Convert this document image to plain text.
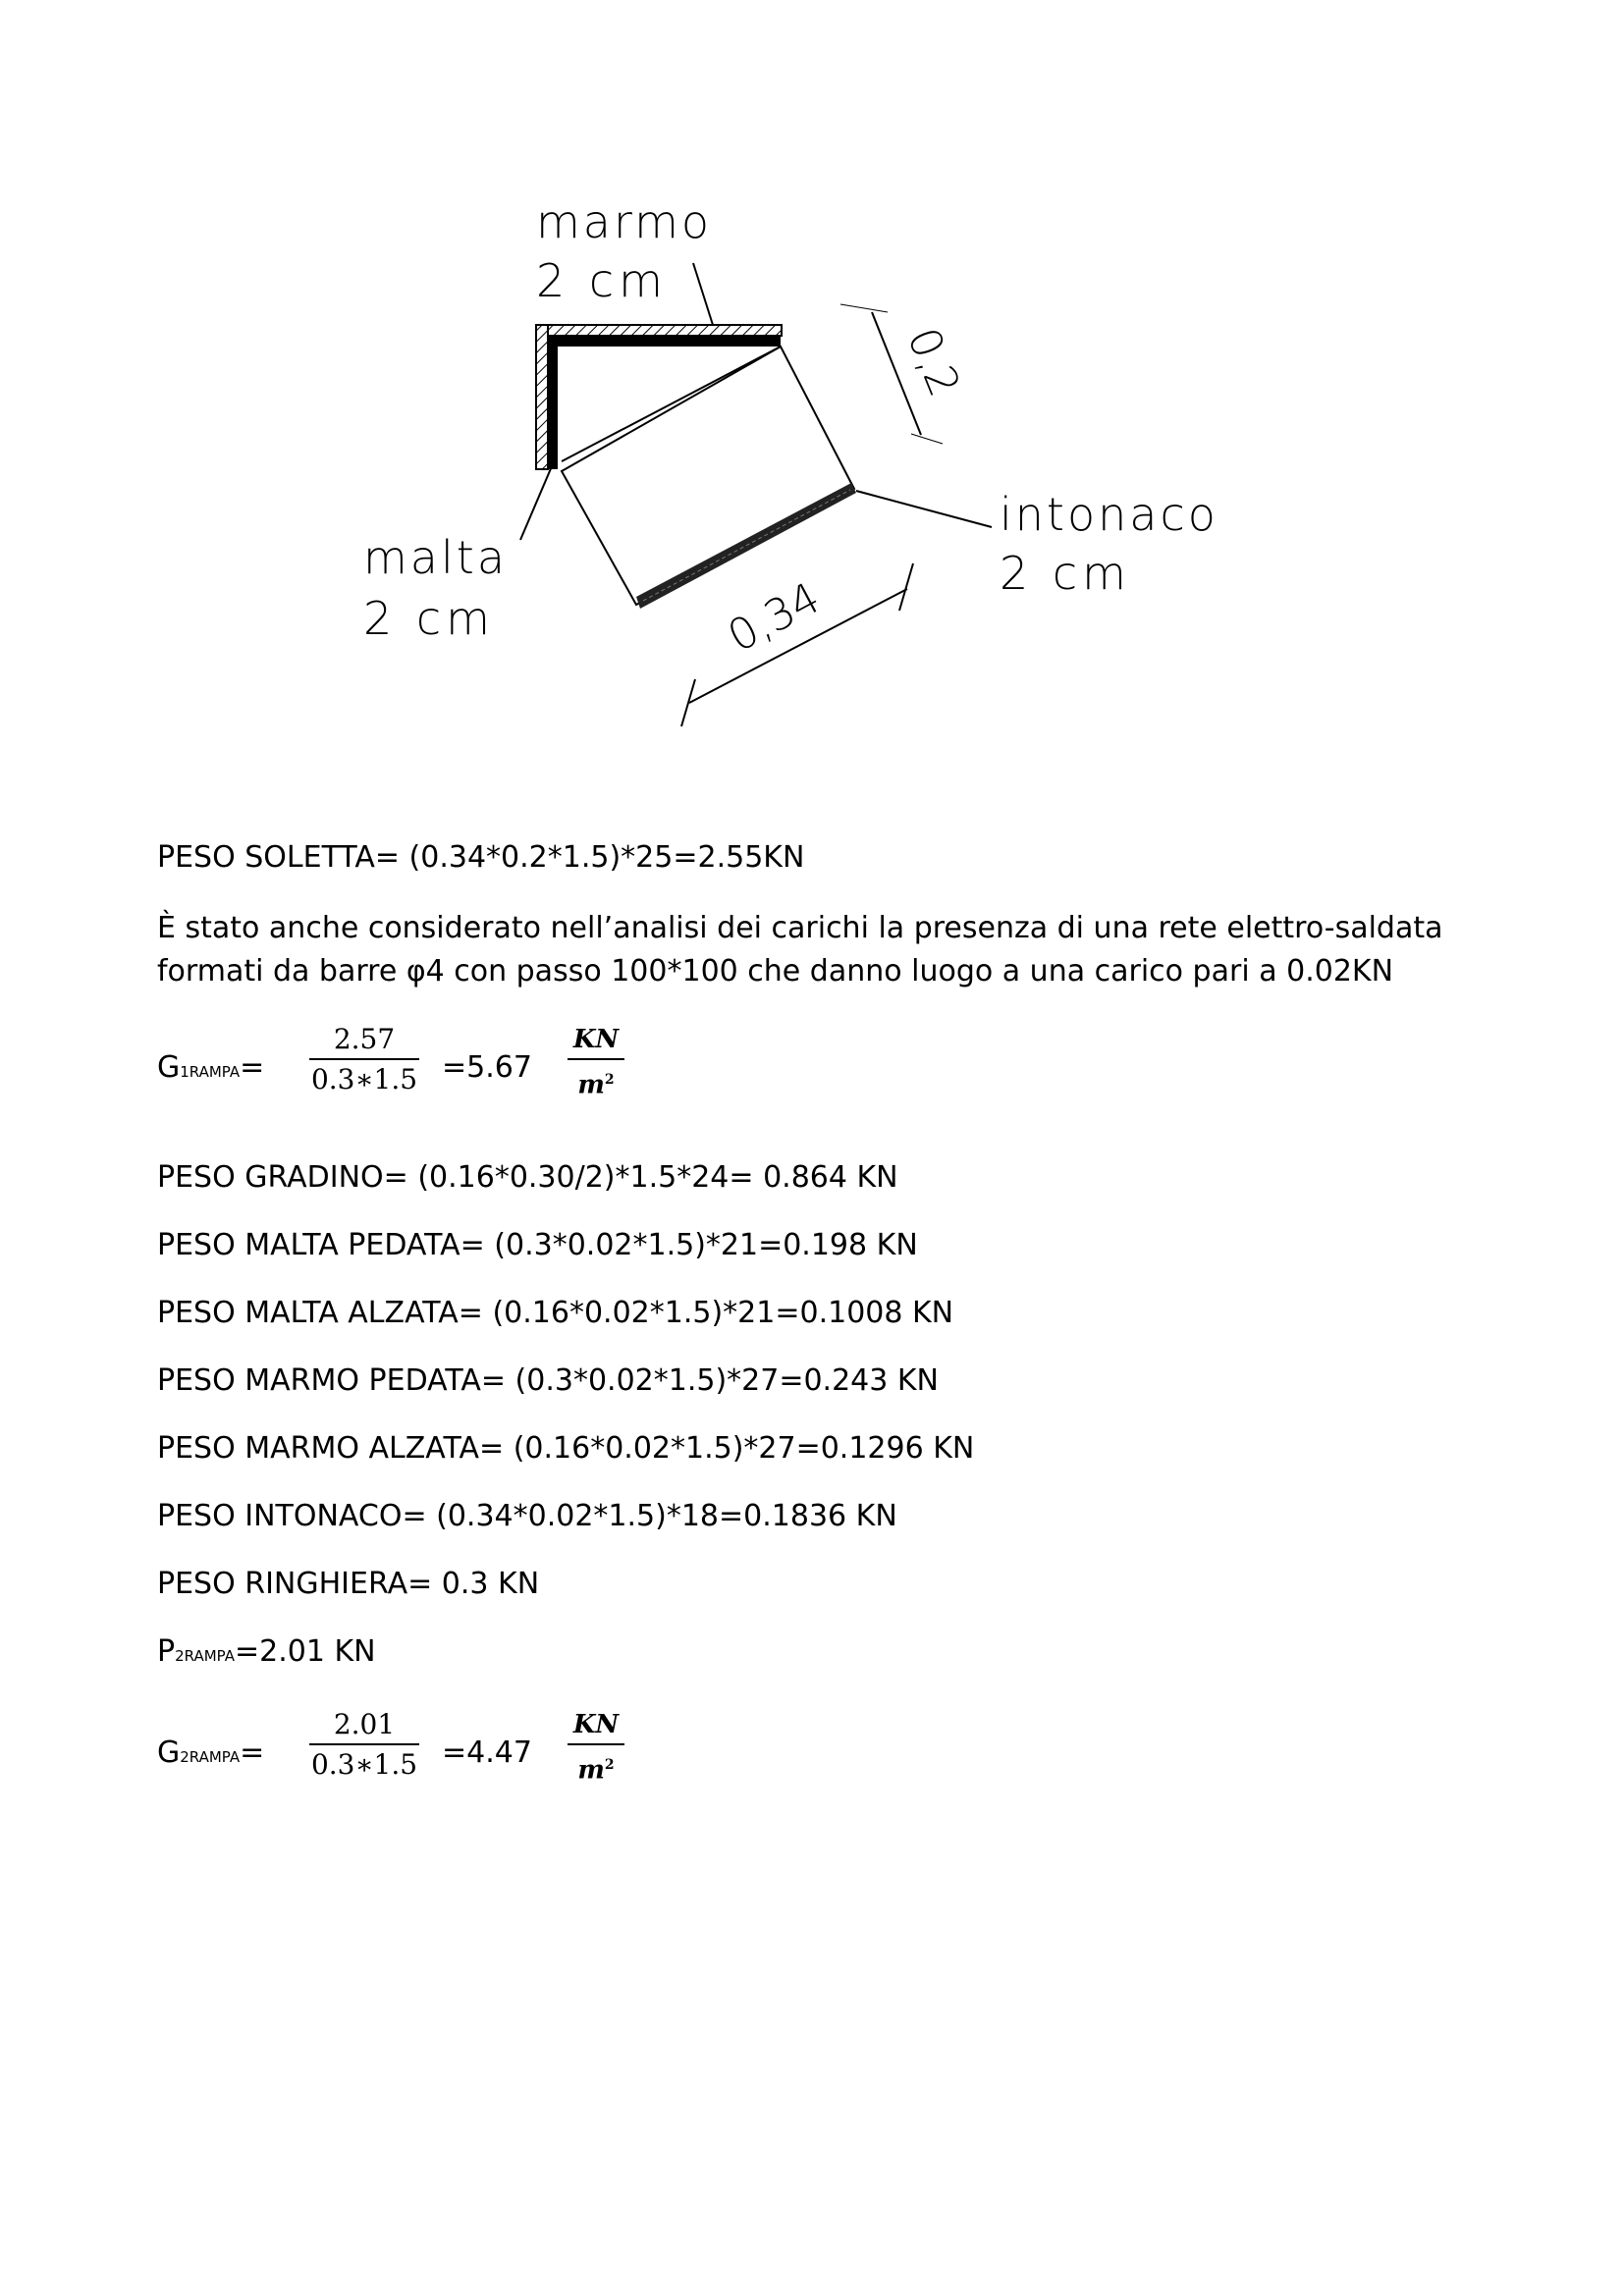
0,2
0,34
marmo
2 cm
malta
2 cm
intonaco
2 cm
PESO SOLETTA= (0.34*0.2*1.5)*25=2.55KN
È stato anche considerato nell’analisi dei carichi la presenza di una rete elettro-saldata formati da barre φ4 con passo 100*100 che danno luogo a una carico pari a 0.02KN
G1RAMPA=
2.57
0.3∗1.5 =5.67
KN
$m^2$
PESO GRADINO= (0.16*0.30/2)*1.5*24= 0.864 KN
PESO MALTA PEDATA= (0.3*0.02*1.5)*21=0.198 KN
PESO MALTA ALZATA= (0.16*0.02*1.5)*21=0.1008 KN
PESO MARMO PEDATA= (0.3*0.02*1.5)*27=0.243 KN
PESO MARMO ALZATA= (0.16*0.02*1.5)*27=0.1296 KN
PESO INTONACO= (0.34*0.02*1.5)*18=0.1836 KN
PESO RINGHIERA= 0.3 KN
P2RAMPA=2.01 KN
G2RAMPA=
2.01
0.3∗1.5 =4.47
KN
$m^2$
